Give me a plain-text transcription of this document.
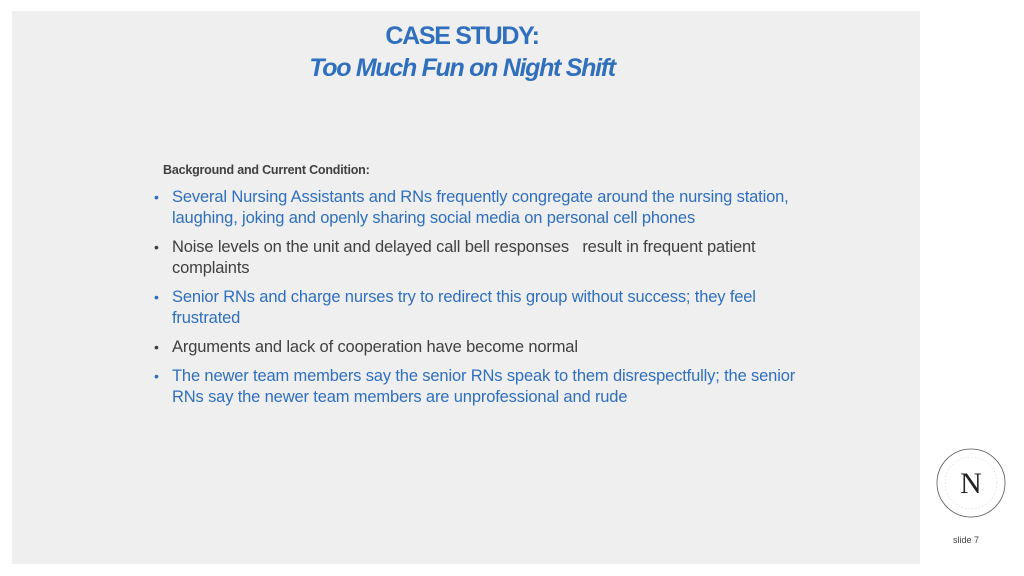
CASE STUDY:
Too Much Fun on Night Shift
Background and Current Condition:
• Several Nursing Assistants and RNs frequently congregate around the nursing station, laughing, joking and openly sharing social media on personal cell phones
• Noise levels on the unit and delayed call bell responses   result in frequent patient complaints
• Senior RNs and charge nurses try to redirect this group without success; they feel frustrated
• Arguments and lack of cooperation have become normal
• The newer team members say the senior RNs speak to them disrespectfully; the senior RNs say the newer team members are unprofessional and rude
N
slide 7
